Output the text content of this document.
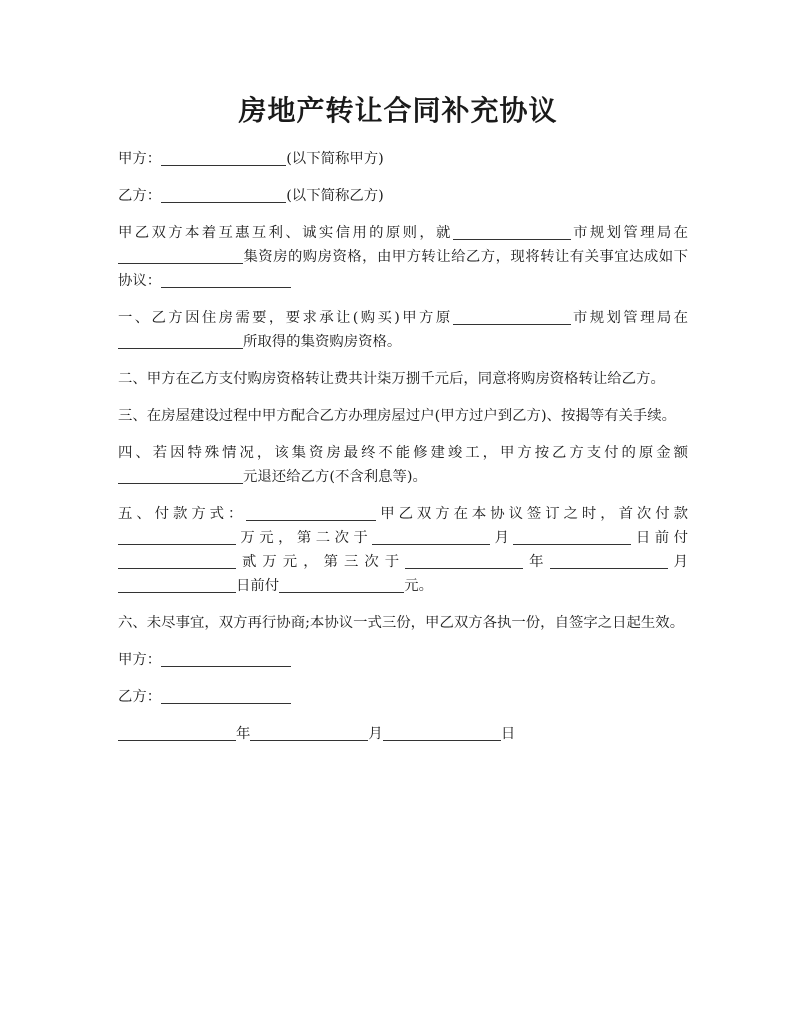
房地产转让合同补充协议

甲方：	(以下简称甲方)

乙方：	(以下简称乙方)

甲乙双方本着互惠互利、诚实信用的原则，就	市规划管理局在集资房的购房资格，由甲方转让给乙方，现将转让有关事宜达成如下协议：

一、乙方因住房需要，要求承让(购买)甲方原	市规划管理局在所取得的集资购房资格。

二、甲方在乙方支付购房资格转让费共计柒万捌千元后，同意将购房资格转让给乙方。

三、在房屋建设过程中甲方配合乙方办理房屋过户(甲方过户到乙方)、按揭等有关手续。

四、若因特殊情况，该集资房最终不能修建竣工，甲方按乙方支付的原金额元退还给乙方(不含利息等)。

五、付款方式：	甲乙双方在本协议签订之时，首次付款万元，第二次于	月	日前付贰万元，第三次于	年	月日前付	元。

六、未尽事宜，双方再行协商;本协议一式三份，甲乙双方各执一份，自签字之日起生效。

甲方：

乙方：

年	月	日
